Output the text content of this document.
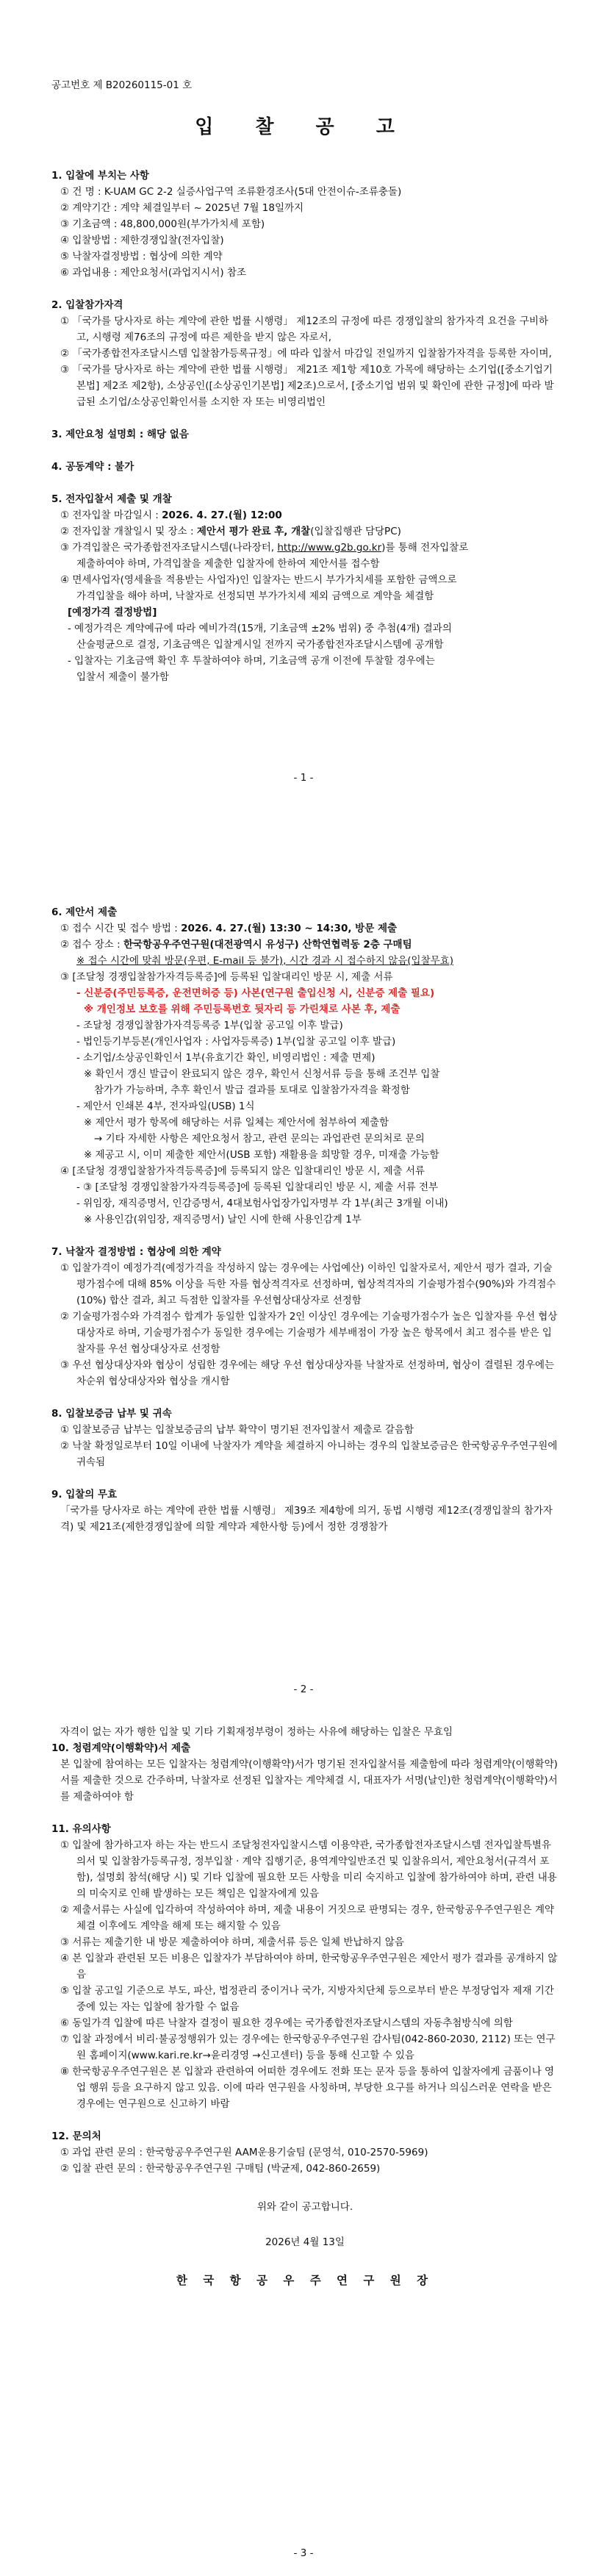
공고번호 제 B20260115-01 호
입 찰 공 고

1. 입찰에 부치는 사항

① 건 명 : K-UAM GC 2-2 실증사업구역 조류환경조사(5대 안전이슈-조류충돌)

② 계약기간 : 계약 체결일부터 ~ 2025년 7월 18일까지

③ 기초금액 : 48,800,000원(부가가치세 포함)

④ 입찰방법 : 제한경쟁입찰(전자입찰)

⑤ 낙찰자결정방법 : 협상에 의한 계약

⑥ 과업내용 : 제안요청서(과업지시서) 참조

2. 입찰참가자격

① 「국가를 당사자로 하는 계약에 관한 법률 시행령」 제12조의 규정에 따른 경쟁입찰의 참가자격 요건을 구비하고, 시행령 제76조의 규정에 따른 제한을 받지 않은 자로서,

② 「국가종합전자조달시스템 입찰참가등록규정」에 따라 입찰서 마감일 전일까지 입찰참가자격을 등록한 자이며,

③ 「국가를 당사자로 하는 계약에 관한 법률 시행령」 제21조 제1항 제10호 가목에 해당하는 소기업([중소기업기본법] 제2조 제2항), 소상공인([소상공인기본법] 제2조)으로서, [중소기업 범위 및 확인에 관한 규정]에 따라 발급된 소기업/소상공인확인서를 소지한 자 또는 비영리법인

3. 제안요청 설명회 : 해당 없음

4. 공동계약 : 불가

5. 전자입찰서 제출 및 개찰

① 전자입찰 마감일시 : 2026. 4. 27.(월) 12:00

② 전자입찰 개찰일시 및 장소 : 제안서 평가 완료 후, 개찰(입찰집행관 담당PC)

③ 가격입찰은 국가종합전자조달시스템(나라장터, http://www.g2b.go.kr)를 통해 전자입찰로

제출하여야 하며, 가격입찰을 제출한 입찰자에 한하여 제안서를 접수함

④ 면세사업자(영세율을 적용받는 사업자)인 입찰자는 반드시 부가가치세를 포함한 금액으로

가격입찰을 해야 하며, 낙찰자로 선정되면 부가가치세 제외 금액으로 계약을 체결함

[예정가격 결정방법]

- 예정가격은 계약예규에 따라 예비가격(15개, 기초금액 ±2% 범위) 중 추첨(4개) 결과의

산술평균으로 결정, 기초금액은 입찰게시일 전까지 국가종합전자조달시스템에 공개함

- 입찰자는 기초금액 확인 후 투찰하여야 하며, 기초금액 공개 이전에 투찰할 경우에는

입찰서 제출이 불가함

- 1 -

6. 제안서 제출

① 접수 시간 및 접수 방법 : 2026. 4. 27.(월) 13:30 ~ 14:30, 방문 제출

② 접수 장소 : 한국항공우주연구원(대전광역시 유성구) 산학연협력동 2층 구매팀

※ 접수 시간에 맞춰 방문(우편, E-mail 등 불가), 시간 경과 시 접수하지 않음(입찰무효)

③ [조달청 경쟁입찰참가자격등록증]에 등록된 입찰대리인 방문 시, 제출 서류

- 신분증(주민등록증, 운전면허증 등) 사본(연구원 출입신청 시, 신분증 제출 필요)

※ 개인정보 보호를 위해 주민등록번호 뒷자리 등 가린채로 사본 후, 제출

- 조달청 경쟁입찰참가자격등록증 1부(입찰 공고일 이후 발급)

- 법인등기부등본(개인사업자 : 사업자등록증) 1부(입찰 공고일 이후 발급)

- 소기업/소상공인확인서 1부(유효기간 확인, 비영리법인 : 제출 면제)

※ 확인서 갱신 발급이 완료되지 않은 경우, 확인서 신청서류 등을 통해 조건부 입찰

참가가 가능하며, 추후 확인서 발급 결과를 토대로 입찰참가자격을 확정함

- 제안서 인쇄본 4부, 전자파일(USB) 1식

※ 제안서 평가 항목에 해당하는 서류 일체는 제안서에 첨부하여 제출함

→ 기타 자세한 사항은 제안요청서 참고, 관련 문의는 과업관련 문의처로 문의

※ 제공고 시, 이미 제출한 제안서(USB 포함) 재활용을 희망할 경우, 미재출 가능함

④ [조달청 경쟁입찰참가자격등록증]에 등록되지 않은 입찰대리인 방문 시, 제출 서류

- ③ [조달청 경쟁입찰참가자격등록증]에 등록된 입찰대리인 방문 시, 제출 서류 전부

- 위임장, 재직증명서, 인감증명서, 4대보험사업장가입자명부 각 1부(최근 3개월 이내)

※ 사용인감(위임장, 재직증명서) 날인 시에 한해 사용인감계 1부

7. 낙찰자 결정방법 : 협상에 의한 계약

① 입찰가격이 예정가격(예정가격을 작성하지 않는 경우에는 사업예산) 이하인 입찰자로서, 제안서 평가 결과, 기술평가점수에 대해 85% 이상을 득한 자를 협상적격자로 선정하며, 협상적격자의 기술평가점수(90%)와 가격점수(10%) 합산 결과, 최고 득점한 입찰자를 우선협상대상자로 선정함

② 기술평가점수와 가격점수 합계가 동일한 입찰자가 2인 이상인 경우에는 기술평가점수가 높은 입찰자를 우선 협상대상자로 하며, 기술평가점수가 동일한 경우에는 기술평가 세부배점이 가장 높은 항목에서 최고 점수를 받은 입찰자를 우선 협상대상자로 선정함

③ 우선 협상대상자와 협상이 성립한 경우에는 해당 우선 협상대상자를 낙찰자로 선정하며, 협상이 결렬된 경우에는 차순위 협상대상자와 협상을 개시함

8. 입찰보증금 납부 및 귀속

① 입찰보증금 납부는 입찰보증금의 납부 확약이 명기된 전자입찰서 제출로 갈음함

② 낙찰 확정일로부터 10일 이내에 낙찰자가 계약을 체결하지 아니하는 경우의 입찰보증금은 한국항공우주연구원에 귀속됨

9. 입찰의 무효

「국가를 당사자로 하는 계약에 관한 법률 시행령」 제39조 제4항에 의거, 동법 시행령 제12조(경쟁입찰의 참가자격) 및 제21조(제한경쟁입찰에 의할 계약과 제한사항 등)에서 정한 경쟁참가

- 2 -

자격이 없는 자가 행한 입찰 및 기타 기획재정부령이 정하는 사유에 해당하는 입찰은 무효임

10. 청렴계약(이행확약)서 제출

본 입찰에 참여하는 모든 입찰자는 청렴계약(이행확약)서가 명기된 전자입찰서를 제출함에 따라 청렴계약(이행확약)서를 제출한 것으로 간주하며, 낙찰자로 선정된 입찰자는 계약체결 시, 대표자가 서명(날인)한 청렴계약(이행확약)서를 제출하여야 함

11. 유의사항

① 입찰에 참가하고자 하는 자는 반드시 조달청전자입찰시스템 이용약관, 국가종합전자조달시스템 전자입찰특별유의서 및 입찰참가등록규정, 정부입찰 · 계약 집행기준, 용역계약일반조건 및 입찰유의서, 제안요청서(규격서 포함), 설명회 참석(해당 시) 및 기타 입찰에 필요한 모든 사항을 미리 숙지하고 입찰에 참가하여야 하며, 관련 내용의 미숙지로 인해 발생하는 모든 책임은 입찰자에게 있음

② 제출서류는 사실에 입각하여 작성하여야 하며, 제출 내용이 거짓으로 판명되는 경우, 한국항공우주연구원은 계약 체결 이후에도 계약을 해제 또는 해지할 수 있음

③ 서류는 제출기한 내 방문 제출하여야 하며, 제출서류 등은 일체 반납하지 않음

④ 본 입찰과 관련된 모든 비용은 입찰자가 부담하여야 하며, 한국항공우주연구원은 제안서 평가 결과를 공개하지 않음

⑤ 입찰 공고일 기준으로 부도, 파산, 법정관리 중이거나 국가, 지방자치단체 등으로부터 받은 부정당업자 제재 기간 중에 있는 자는 입찰에 참가할 수 없음

⑥ 동일가격 입찰에 따른 낙찰자 결정이 필요한 경우에는 국가종합전자조달시스템의 자동추첨방식에 의함

⑦ 입찰 과정에서 비리·불공정행위가 있는 경우에는 한국항공우주연구원 감사팀(042-860-2030, 2112) 또는 연구원 홈페이지(www.kari.re.kr→윤리경영 →신고센터) 등을 통해 신고할 수 있음

⑧ 한국항공우주연구원은 본 입찰과 관련하여 어떠한 경우에도 전화 또는 문자 등을 통하여 입찰자에게 금품이나 영업 행위 등을 요구하지 않고 있음. 이에 따라 연구원을 사칭하며, 부당한 요구를 하거나 의심스러운 연락을 받은 경우에는 연구원으로 신고하기 바람

12. 문의처

① 과업 관련 문의 : 한국항공우주연구원 AAM운용기술팀 (문영석, 010-2570-5969)

② 입찰 관련 문의 : 한국항공우주연구원 구매팀 (박균제, 042-860-2659)

위와 같이 공고합니다.

2026년 4월 13일

한 국 항 공 우 주 연 구 원 장

- 3 -
